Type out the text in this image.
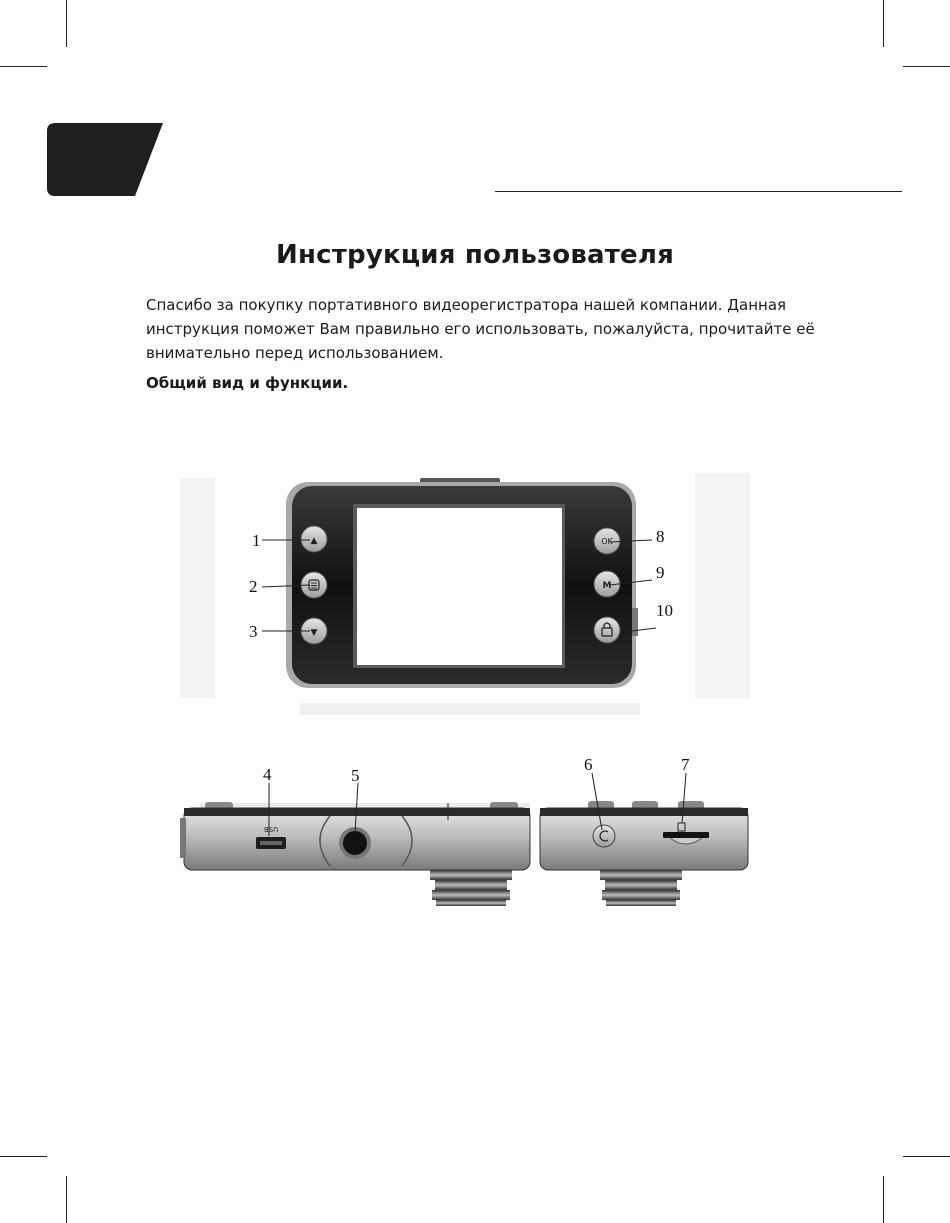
Инструкция пользователя
Спасибо за покупку портативного видеорегистратора нашей компании. Данная
инструкция поможет Вам правильно его использовать, пожалуйста, прочитайте её
внимательно перед использованием.
Общий вид и функции.
▲
▼
OK
M
1
2
3
8
9
10
USB
4	5
6	7
